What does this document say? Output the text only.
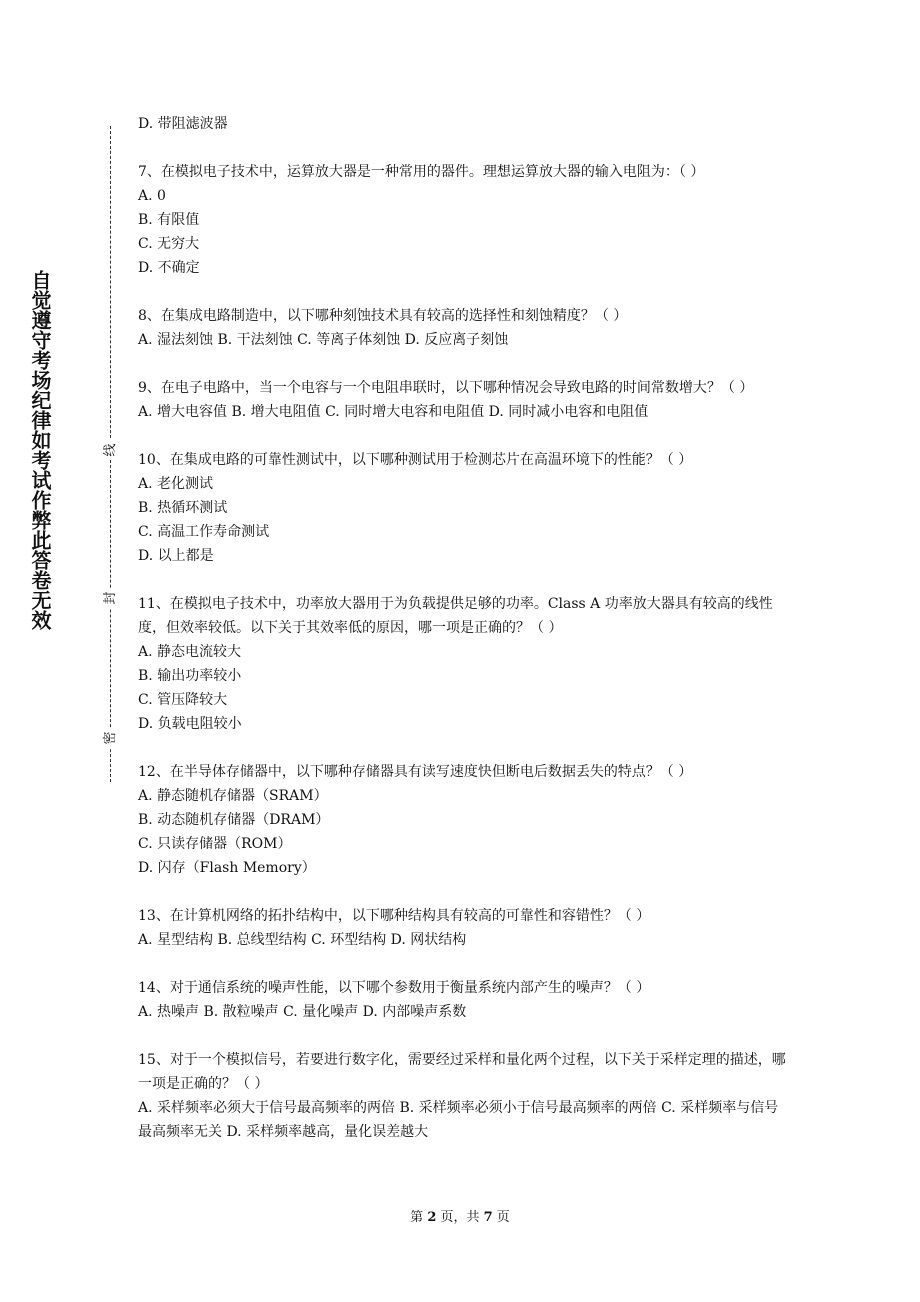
自觉遵守考场纪律如考试作弊此答卷无效	线
封
密

D. 带阻滤波器

7、在模拟电子技术中，运算放大器是一种常用的器件。理想运算放大器的输入电阻为：（ ）

A. 0

B. 有限值

C. 无穷大

D. 不确定

8、在集成电路制造中，以下哪种刻蚀技术具有较高的选择性和刻蚀精度？（ ）

A. 湿法刻蚀 B. 干法刻蚀 C. 等离子体刻蚀 D. 反应离子刻蚀

9、在电子电路中，当一个电容与一个电阻串联时，以下哪种情况会导致电路的时间常数增大？（ ）

A. 增大电容值 B. 增大电阻值 C. 同时增大电容和电阻值 D. 同时减小电容和电阻值

10、在集成电路的可靠性测试中，以下哪种测试用于检测芯片在高温环境下的性能？（ ）

A. 老化测试

B. 热循环测试

C. 高温工作寿命测试

D. 以上都是

11、在模拟电子技术中，功率放大器用于为负载提供足够的功率。Class A 功率放大器具有较高的线性度，但效率较低。以下关于其效率低的原因，哪一项是正确的？（ ）

A. 静态电流较大

B. 输出功率较小

C. 管压降较大

D. 负载电阻较小

12、在半导体存储器中，以下哪种存储器具有读写速度快但断电后数据丢失的特点？（ ）

A. 静态随机存储器（SRAM）

B. 动态随机存储器（DRAM）

C. 只读存储器（ROM）

D. 闪存（Flash Memory）

13、在计算机网络的拓扑结构中，以下哪种结构具有较高的可靠性和容错性？（ ）

A. 星型结构 B. 总线型结构 C. 环型结构 D. 网状结构

14、对于通信系统的噪声性能，以下哪个参数用于衡量系统内部产生的噪声？（ ）

A. 热噪声 B. 散粒噪声 C. 量化噪声 D. 内部噪声系数

15、对于一个模拟信号，若要进行数字化，需要经过采样和量化两个过程，以下关于采样定理的描述，哪一项是正确的？（ ）

A. 采样频率必须大于信号最高频率的两倍 B. 采样频率必须小于信号最高频率的两倍 C. 采样频率与信号最高频率无关 D. 采样频率越高，量化误差越大

第 2 页，共 7 页
